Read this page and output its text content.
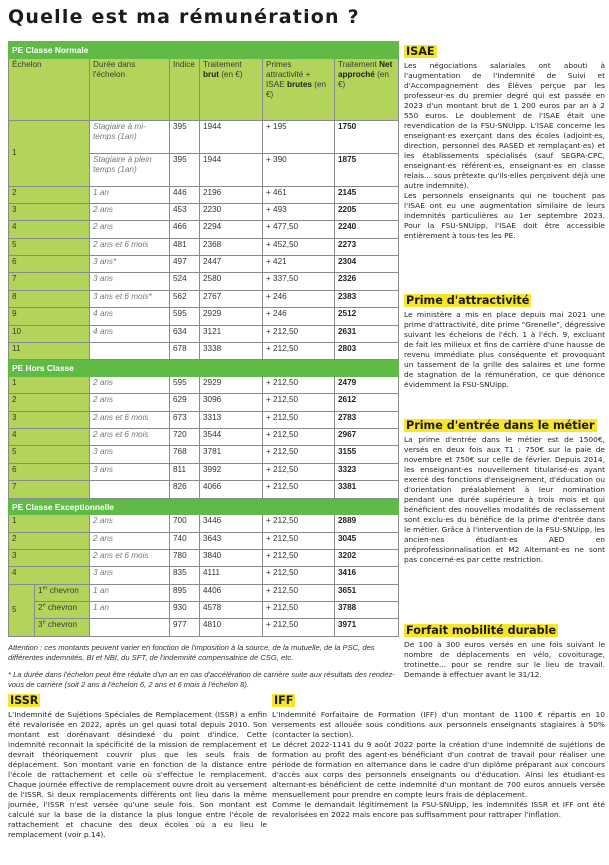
Quelle est ma rémunération ?
PE Classe Normale						
Échelon		Durée dans l'échelon	Indice	Traitement brut (en €)	Primes attractivité + ISAE brutes (en €)	Traitement Net approché (en €)
1		Stagiaire à mi-temps (1an)	395	1944	+ 195	1750
		Stagiaire à plein temps (1an)	395	1944	+ 390	1875
2		1 an	446	2196	+ 461	2145
3		2 ans	453	2230	+ 493	2205
4		2 ans	466	2294	+ 477,50	2240
5		2 ans et 6 mois	481	2368	+ 452,50	2273
6		3 ans*	497	2447	+ 421	2304
7		3 ans	524	2580	+ 337,50	2326
8		3 ans et 6 mois*	562	2767	+ 246	2383
9		4 ans	595	2929	+ 246	2512
10		4 ans	634	3121	+ 212,50	2631
11			678	3338	+ 212,50	2803
PE Hors Classe						
1		2 ans	595	2929	+ 212,50	2479
2		2 ans	629	3096	+ 212,50	2612
3		2 ans et 6 mois	673	3313	+ 212,50	2783
4		2 ans et 6 mois	720	3544	+ 212,50	2967
5		3 ans	768	3781	+ 212,50	3155
6		3 ans	811	3992	+ 212,50	3323
7			826	4066	+ 212,50	3381
PE Classe Exceptionnelle						
1		2 ans	700	3446	+ 212,50	2889
2		2 ans	740	3643	+ 212,50	3045
3		2 ans et 6 mois	780	3840	+ 212,50	3202
4		3 ans	835	4111	+ 212,50	3416
5	1er chevron	1 an	895	4406	+ 212,50	3651
	2e chevron	1 an	930	4578	+ 212,50	3788
	3e chevron		977	4810	+ 212,50	3971

Attention : ces montants peuvent varier en fonction de l'imposition à la source, de la mutuelle, de la PSC, des différentes indemnités, BI et NBI, du SFT, de l'indemnité compensatrice de CSG, etc.

* La durée dans l'échelon peut être réduite d'un an en cas d'accélération de carrière suite aux résultats des rendez-vous de carrière (soit 2 ans à l'échelon 6, 2 ans et 6 mois à l'échelon 8).

ISAE

Les négociations salariales ont abouti à l'augmentation de l'Indemnité de Suivi et d'Accompagnement des Élèves perçue par les professeur·es du premier degré qui est passée en 2023 d'un montant brut de 1 200 euros par an à 2 550 euros. Le doublement de l'ISAE était une revendication de la FSU-SNUipp. L'ISAE concerne les enseignant·es exerçant dans des écoles (adjoint·es, direction, personnel des RASED et remplaçant·es) et les établissements spécialisés (sauf SEGPA-CPC, enseignant·es référent·es, enseignant·es en classe relais... sous prêtexte qu'ils·elles perçoivent déjà une autre indemnité).

Les personnels enseignants qui ne touchent pas l'ISAE ont eu une augmentation similaire de leurs indemnités particulières au 1er septembre 2023. Pour la FSU-SNUipp, l'ISAE doit être accessible entièrement à tous·tes les PE.

Prime d'attractivité

Le ministère a mis en place depuis mai 2021 une prime d'attractivité, dite prime "Grenelle", dégressive suivant les échelons de l'éch. 1 à l'éch. 9, excluant de fait les milieux et fins de carrière d'une hausse de revenu immédiate plus conséquente et provoquant un tassement de la grille des salaires et une forme de stagnation de la rémunération, ce que dénonce évidemment la FSU-SNUipp.

Prime d'entrée dans le métier

La prime d'entrée dans le métier est de 1500€, versés en deux fois aux T1 : 750€ sur la paie de novembre et 750€ sur celle de février. Depuis 2014, les enseignant·es nouvellement titularisé·es ayant exercé des fonctions d'enseignement, d'éducation ou d'orientation préalablement à leur nomination pendant une durée supérieure à trois mois et qui bénéficient des nouvelles modalités de reclassement sont exclu·es du bénéfice de la prime d'entrée dans le métier. Grâce à l'intervention de la FSU-SNUipp, les ancien·nes étudiant·es AED en préprofessionnalisation et M2 Alternant·es ne sont pas concerné·es par cette restriction.

Forfait mobilité durable

De 100 à 300 euros versés en une fois suivant le nombre de déplacements en vélo, covoiturage, trotinette... pour se rendre sur le lieu de travail. Demande à effectuer avant le 31/12.

ISSR

L'Indemnité de Sujétions Spéciales de Remplacement (ISSR) a enfin été revalorisée en 2022, après un gel quasi total depuis 2010. Son montant est dorénavant désindexé du point d'indice. Cette indemnité reconnait la spécificité de la mission de remplacement et devrait théoriquement couvrir plus que les seuls frais de déplacement. Son montant varie en fonction de la distance entre l'école de rattachement et celle où s'effectue le remplacement. Chaque journée effective de remplacement ouvre droit au versement de l'ISSR. Si deux remplacements différents ont lieu dans la même journée, l'ISSR n'est versée qu'une seule fois. Son montant est calculé sur la base de la distance la plus longue entre l'école de rattachement et chacune des deux écoles où a eu lieu le remplacement (voir p.14).

IFF

L'Indemnité Forfaitaire de Formation (IFF) d'un montant de 1100 € répartis en 10 versements est allouée sous conditions aux personnels enseignants stagiaires à 50% (contacter la section).

Le décret 2022-1141 du 9 août 2022 porte la création d'une indemnité de sujétions de formation au profit des agent·es bénéficiant d'un contrat de travail pour réaliser une période de formation en alternance dans le cadre d'un diplôme préparant aux concours d'accès aux corps des personnels enseignants ou d'éducation. Ainsi les étudiant·es alternant·es bénéficient de cette indemnité d'un montant de 700 euros annuels versée mensuellement pour prendre en compte leurs frais de déplacement.

Comme le demandait légitimement la FSU-SNUipp, les indemnités ISSR et IFF ont été revalorisées en 2022 mais encore pas suffisamment pour rattraper l'inflation.
